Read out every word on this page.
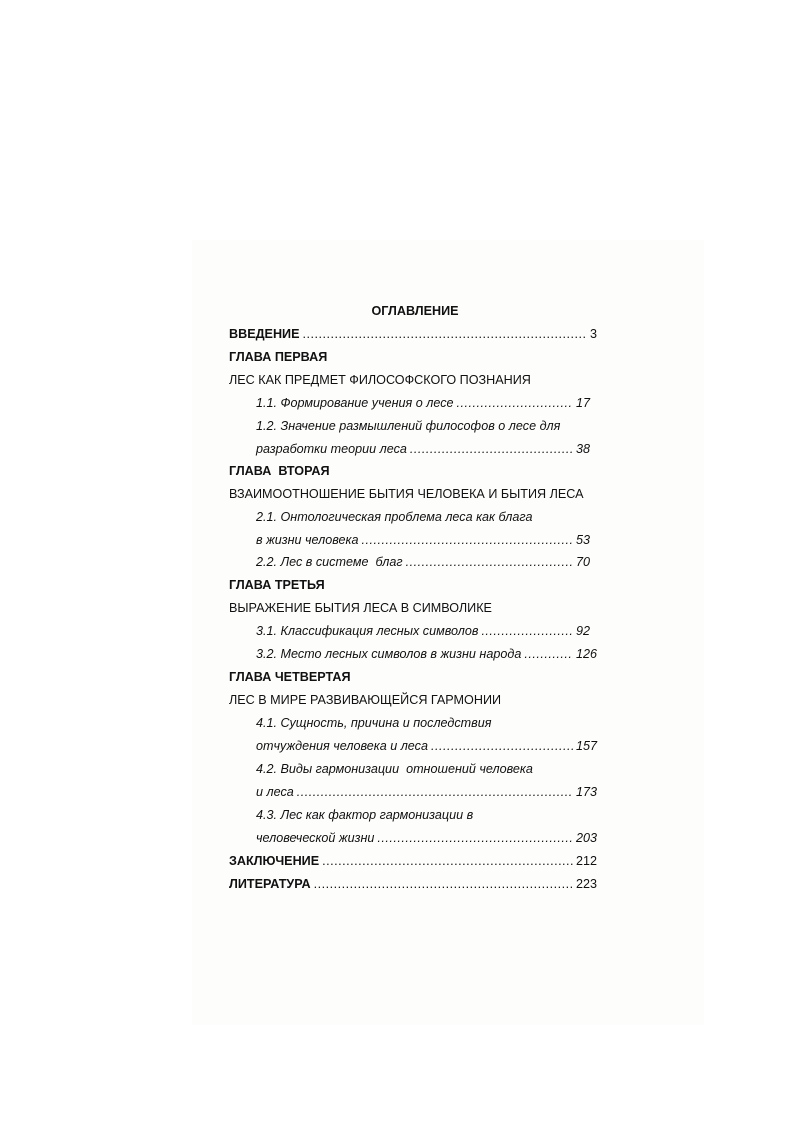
ОГЛАВЛЕНИЕ
ВВЕДЕНИЕ .....	3
ГЛАВА ПЕРВАЯ
ЛЕС КАК ПРЕДМЕТ ФИЛОСОФСКОГО ПОЗНАНИЯ
1.1. Формирование учения о лесе .....	17
1.2. Значение размышлений философов о лесе для
разработки теории леса .....	38
ГЛАВА  ВТОРАЯ
ВЗАИМООТНОШЕНИЕ БЫТИЯ ЧЕЛОВЕКА И БЫТИЯ ЛЕСА
2.1. Онтологическая проблема леса как блага
в жизни человека .....	53
2.2. Лес в системе  благ .....	70
ГЛАВА ТРЕТЬЯ
ВЫРАЖЕНИЕ БЫТИЯ ЛЕСА В СИМВОЛИКЕ
3.1. Классификация лесных символов .....	92
3.2. Место лесных символов в жизни народа .....	126
ГЛАВА ЧЕТВЕРТАЯ
ЛЕС В МИРЕ РАЗВИВАЮЩЕЙСЯ ГАРМОНИИ
4.1. Сущность, причина и последствия
отчуждения человека и леса .....	157
4.2. Виды гармонизации  отношений человека
и леса .....	173
4.3. Лес как фактор гармонизации в
человеческой жизни .....	203
ЗАКЛЮЧЕНИЕ .....	212
ЛИТЕРАТУРА .....	223
